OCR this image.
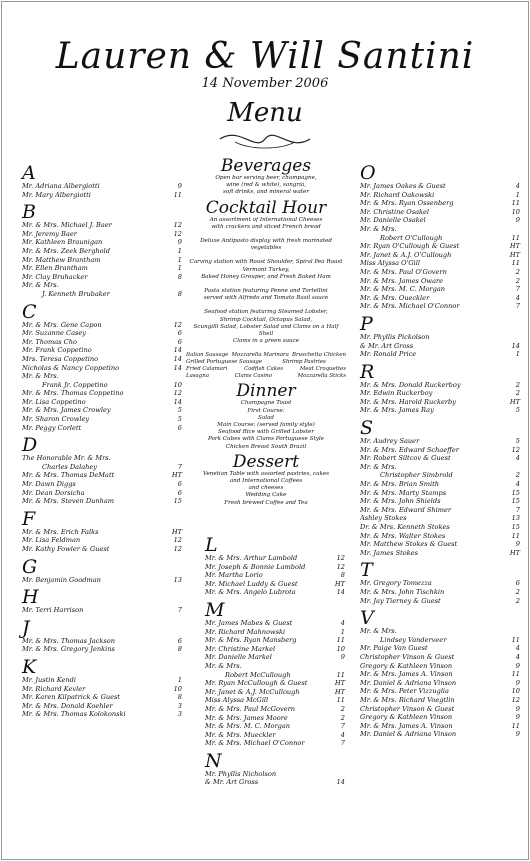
Lauren & Will Santini
14 November 2006
Menu
A
Mr. Adriana Albergiotti	9
Mr. Mary Albergiotti	11
B
Mr. & Mrs. Michael J. Baer	12
Mr. Jeremy Baer	12
Mr. Kathleen Braunigan	9
Mr. & Mrs. Zeek Berghold	1
Mr. Matthew Brantham	1
Mr. Ellen Brantham	1
Mr. Clay Bruhacker	8
Mr. & Mrs.
J. Kenneth Brubaker	8
C
Mr. & Mrs. Gene Capon	12
Mr. Suzanne Casey	6
Mr. Thomas Cho	6
Mr. Frank Coppetino	14
Mrs. Teresa Coppetino	14
Nicholas & Nancy Coppetino	14
Mr. & Mrs.
Frank Jr. Coppetino	10
Mr. & Mrs. Thomas Coppetino	12
Mr. Lisa Coppetino	14
Mr. & Mrs. James Crowley	5
Mr. Sharon Crowley	5
Mr. Peggy Corlett	6
D
The Honorable Mr. & Mrs.
Charles Dalahey	7
Mr. & Mrs. Thomas DeMatt	HT
Mr. Dawn Diggs	6
Mr. Dean Dorsicha	6
Mr. & Mrs. Steven Dunham	15
F
Mr. & Mrs. Erich Falks	HT
Mr. Lisa Feldman	12
Mr. Kathy Fowler & Guest	12
G
Mr. Benjamin Goodman	13
H
Mr. Terri Harrison	7
J
Mr. & Mrs. Thomas Jackson	6
Mr. & Mrs. Gregory Jenkins	8
K
Mr. Justin Kendi	1
Mr. Richard Kevler	10
Mr. Karen Kilpatrick & Guest	8
Mr. & Mrs. Donald Koehler	3
Mr. & Mrs. Thomas Kolokonski	3
L
Mr. & Mrs. Arthur Lambold	12
Mr. Joseph & Bonnie Lambold	12
Mr. Martha Lorio	8
Mr. Michael Luddy & Guest	HT
Mr. & Mrs. Angelo Lubrota	14
M
Mr. James Mabes & Guest	4
Mr. Richard Mahnowski	1
Mr. & Mrs. Ryan Mansberg	11
Mr. Christine Markel	10
Mr. Danielle Markel	9
Mr. & Mrs.
Robert McCullough	11
Mr. Ryan McCullough & Guest	HT
Mr. Janet & A.J. McCullough	HT
Miss Alyssa McGill	11
Mr. & Mrs. Paul McGovern	2
Mr. & Mrs. James Moore	2
Mr. & Mrs. M. C. Morgan	7
Mr. & Mrs. Mueckler	4
Mr. & Mrs. Michael O'Connor	7
N
Mr. Phyllis Nicholson
& Mr. Art Gross	14
O
Mr. James Oakes & Guest	4
Mr. Richard Oakowski	1
Mr. & Mrs. Ryan Ossenberg	11
Mr. Christine Osakel	10
Mr. Danielle Osakel	9
Mr. & Mrs.
Robert O'Cullough	11
Mr. Ryan O'Cullough & Guest	HT
Mr. Janet & A.J. O'Cullough	HT
Miss Alyssa O'Gill	11
Mr. & Mrs. Paul O'Govern	2
Mr. & Mrs. James Oware	2
Mr. & Mrs. M. C. Morgan	7
Mr. & Mrs. Oueckler	4
Mr. & Mrs. Michael O'Connor	7
P
Mr. Phyllis Pickolson
& Mr. Art Gross	14
Mr. Ronald Price	1
R
Mr. & Mrs. Donald Ruckerboy	2
Mr. Edwin Ruckerboy	2
Mr. & Mrs. Harold Ruckerby	HT
Mr. & Mrs. James Ray	5
S
Mr. Audrey Sauer	5
Mr. & Mrs. Edward Schaeffer	12
Mr. Robert Siltcov & Guest	4
Mr. & Mrs.
Christopher Simbrold	2
Mr. & Mrs. Brian Smith	4
Mr. & Mrs. Marty Stamps	15
Mr. & Mrs. John Shields	15
Mr. & Mrs. Edward Shimer	7
Ashley Stokes	13
Dr. & Mrs. Kenneth Stokes	15
Mr. & Mrs. Walter Stokes	11
Mr. Matthew Stokes & Guest	9
Mr. James Stokes	HT
T
Mr. Gregory Tomezza	6
Mr. & Mrs. John Tischkin	2
Mr. Jay Tierney & Guest	2
V
Mr. & Mrs.
Lindsey Vanderveer	11
Mr. Paige Van Guest	4
Christopher Vinson & Guest	4
Gregory & Kathleen Vinson	9
Mr. & Mrs. James A. Vinson	11
Mr. Daniel & Adriana Vinson	9
Mr. & Mrs. Peter Vizzuglia	10
Mr. & Mrs. Richard Voegtlin	12
Christopher Vinson & Guest	9
Gregory & Kathleen Vinson	9
Mr. & Mrs. James A. Vinson	11
Mr. Daniel & Adriana Vinson	9
Beverages
Open bar serving beer, champagne,
wine (red & white), sangria,
soft drinks, and mineral water
Cocktail Hour
An assortment of International Cheeses
with crackers and sliced French bread
Deluxe Antipasto display with fresh marinated vegetables
Carving station with Roast Shoulder, Spiral Pea Roast Vermont Turkey,
Baked Honey Grouper, and Fresh Baked Ham
Pasta station featuring Penne and Tortellini
served with Alfredo and Tomato Basil sauce
Seafood station featuring Steamed Lobster,
Shrimp Cocktail, Octopus Salad,
Scungilli Salad, Lobster Salad and Clams on a Half Shell
Clams in a green sauce
Italian Sausage Mozzarella Marinara Bruschetta Chicken
Grilled Portuguese Sausage	Shrimp Pastries
Fried Calamari	Codfish Cakes	Meat Croquettes
Lasagna	Clams Casino	Mozzarella Sticks
Dinner
Champagne Toast
First Course:
Salad
Main Course: (served family style)
Seafood Rice with Grilled Lobster
Pork Cubes with Clams Portuguese Style
Chicken Breast South Brazil
Dessert
Venetian Table with assorted pastries, cakes
and International Coffees
and cheeses
Wedding Cake
Fresh brewed Coffee and Tea
